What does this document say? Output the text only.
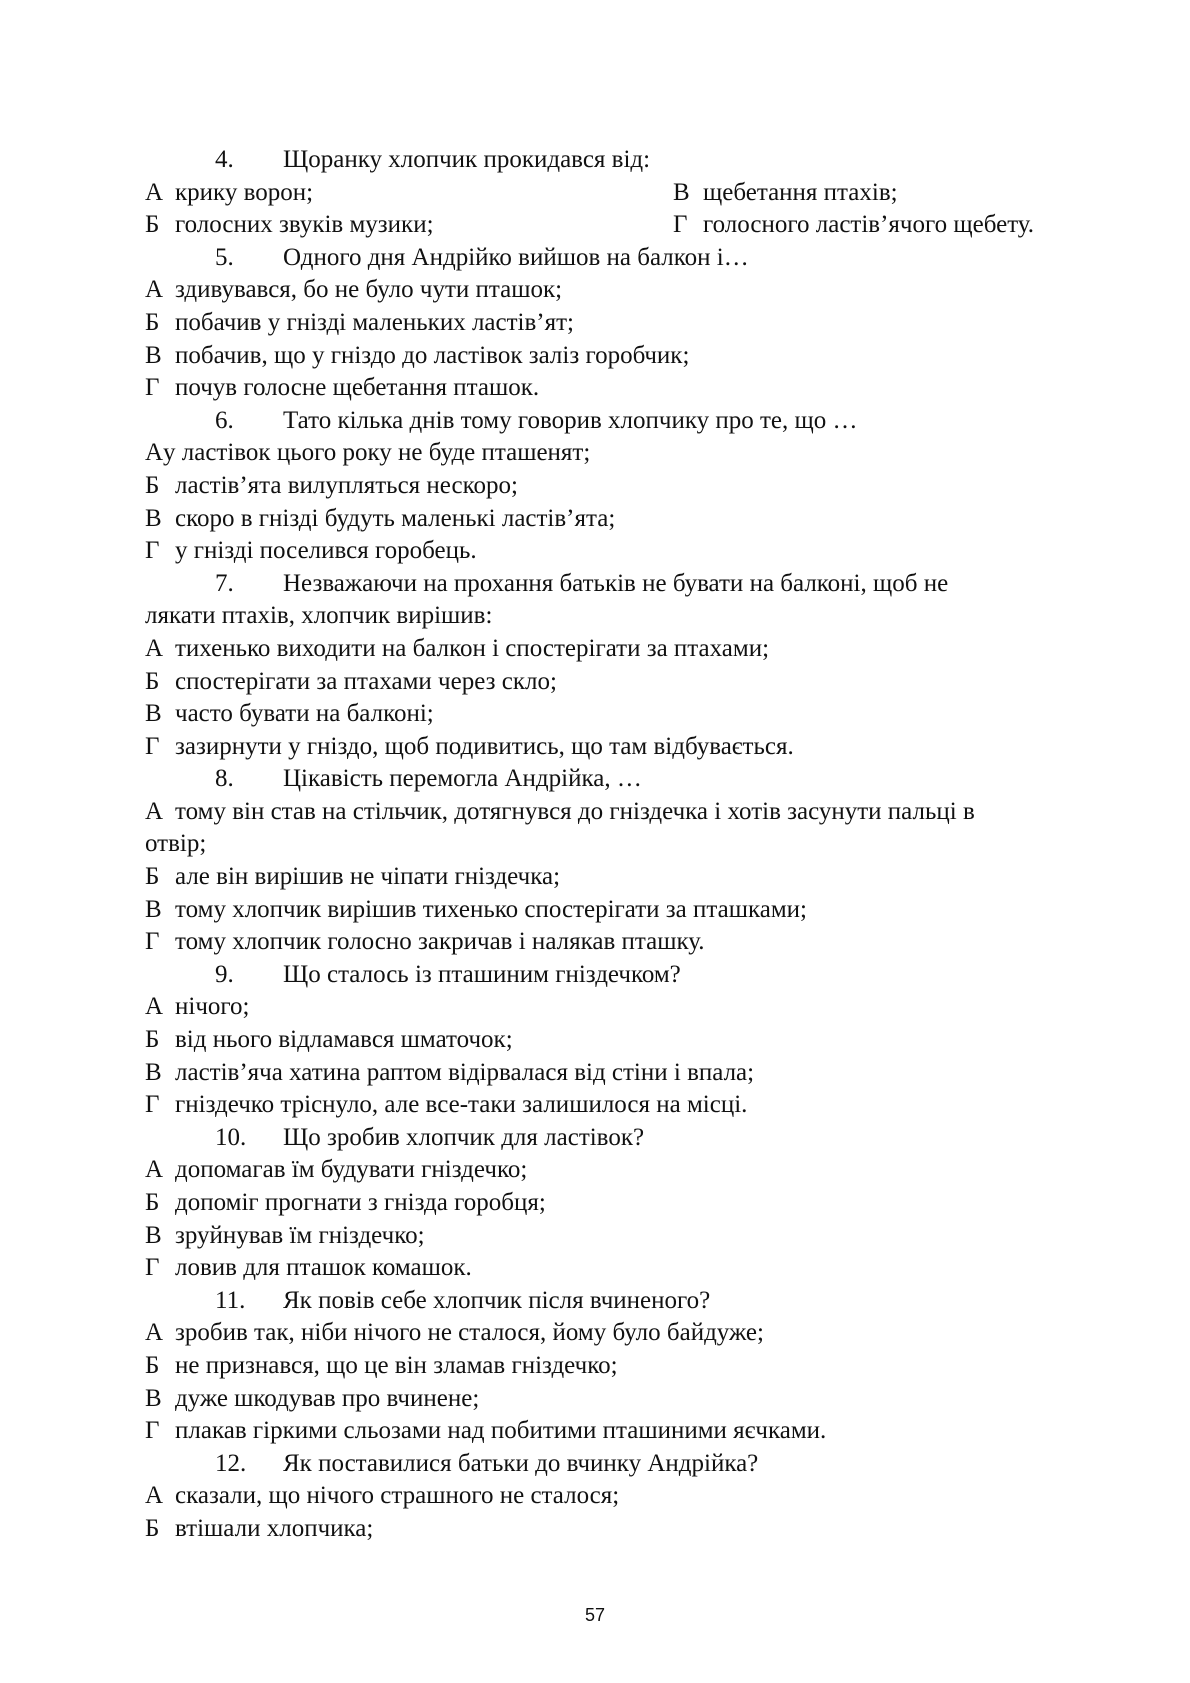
4.	Щоранку хлопчик прокидався від:
А крику ворон;	В щебетання птахів;
Б голосних звуків музики;	Г голосного ластів’ячого щебету.
5.	Одного дня Андрійко вийшов на балкон і…
А здивувався, бо не було чути пташок;
Б побачив у гнізді маленьких ластів’ят;
В побачив, що у гніздо до ластівок заліз горобчик;
Г почув голосне щебетання пташок.
6.	Тато кілька днів тому говорив хлопчику про те, що …
Ау ластівок цього року не буде пташенят;
Б ластів’ята вилупляться нескоро;
В скоро в гнізді будуть маленькі ластів’ята;
Г у гнізді поселився горобець.
7.	Незважаючи на прохання батьків не бувати на балконі, щоб не
лякати птахів, хлопчик вирішив:
А тихенько виходити на балкон і спостерігати за птахами;
Б спостерігати за птахами через скло;
В часто бувати на балконі;
Г зазирнути у гніздо, щоб подивитись, що там відбувається.
8.	Цікавість перемогла Андрійка, …
А тому він став на стільчик, дотягнувся до гніздечка і хотів засунути пальці в
отвір;
Б але він вирішив не чіпати гніздечка;
В тому хлопчик вирішив тихенько спостерігати за пташками;
Г тому хлопчик голосно закричав і налякав пташку.
9.	Що сталось із пташиним гніздечком?
А нічого;
Б від нього відламався шматочок;
В ластів’яча хатина раптом відірвалася від стіни і впала;
Г гніздечко тріснуло, але все-таки залишилося на місці.
10.	Що зробив хлопчик для ластівок?
А допомагав їм будувати гніздечко;
Б допоміг прогнати з гнізда горобця;
В зруйнував їм гніздечко;
Г ловив для пташок комашок.
11.	Як повів себе хлопчик після вчиненого?
А зробив так, ніби нічого не сталося, йому було байдуже;
Б не признався, що це він зламав гніздечко;
В дуже шкодував про вчинене;
Г плакав гіркими сльозами над побитими пташиними яєчками.
12.	Як поставилися батьки до вчинку Андрійка?
А сказали, що нічого страшного не сталося;
Б втішали хлопчика;
57
